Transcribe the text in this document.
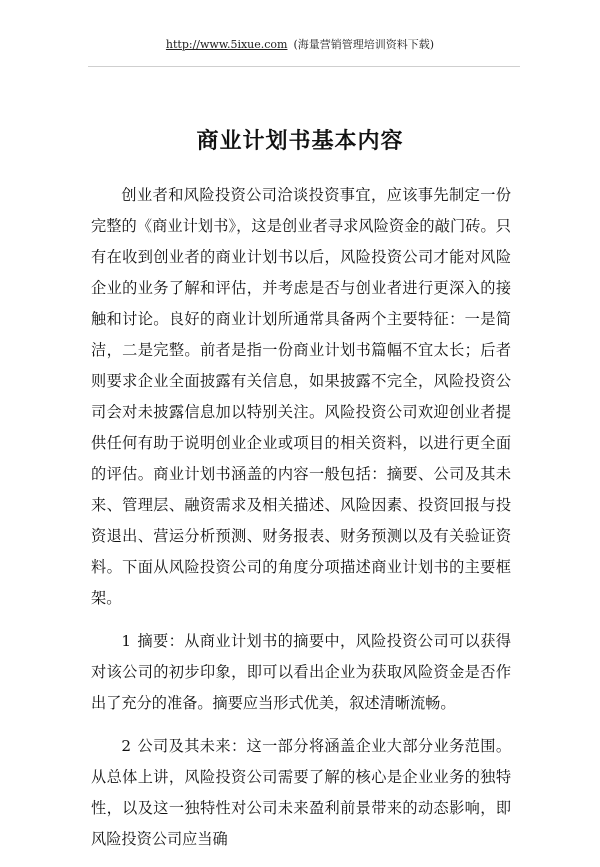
http://www.5ixue.com (海量营销管理培训资料下载)
商业计划书基本内容

创业者和风险投资公司洽谈投资事宜，应该事先制定一份完整的《商业计划书》，这是创业者寻求风险资金的敲门砖。只有在收到创业者的商业计划书以后，风险投资公司才能对风险企业的业务了解和评估，并考虑是否与创业者进行更深入的接触和讨论。良好的商业计划所通常具备两个主要特征：一是简洁，二是完整。前者是指一份商业计划书篇幅不宜太长；后者则要求企业全面披露有关信息，如果披露不完全，风险投资公司会对未披露信息加以特别关注。风险投资公司欢迎创业者提供任何有助于说明创业企业或项目的相关资料，以进行更全面的评估。商业计划书涵盖的内容一般包括：摘要、公司及其未来、管理层、融资需求及相关描述、风险因素、投资回报与投资退出、营运分析预测、财务报表、财务预测以及有关验证资料。下面从风险投资公司的角度分项描述商业计划书的主要框架。

1 摘要：从商业计划书的摘要中，风险投资公司可以获得对该公司的初步印象，即可以看出企业为获取风险资金是否作出了充分的准备。摘要应当形式优美，叙述清晰流畅。

2 公司及其未来：这一部分将涵盖企业大部分业务范围。从总体上讲，风险投资公司需要了解的核心是企业业务的独特性，以及这一独特性对公司未来盈利前景带来的动态影响，即风险投资公司应当确
